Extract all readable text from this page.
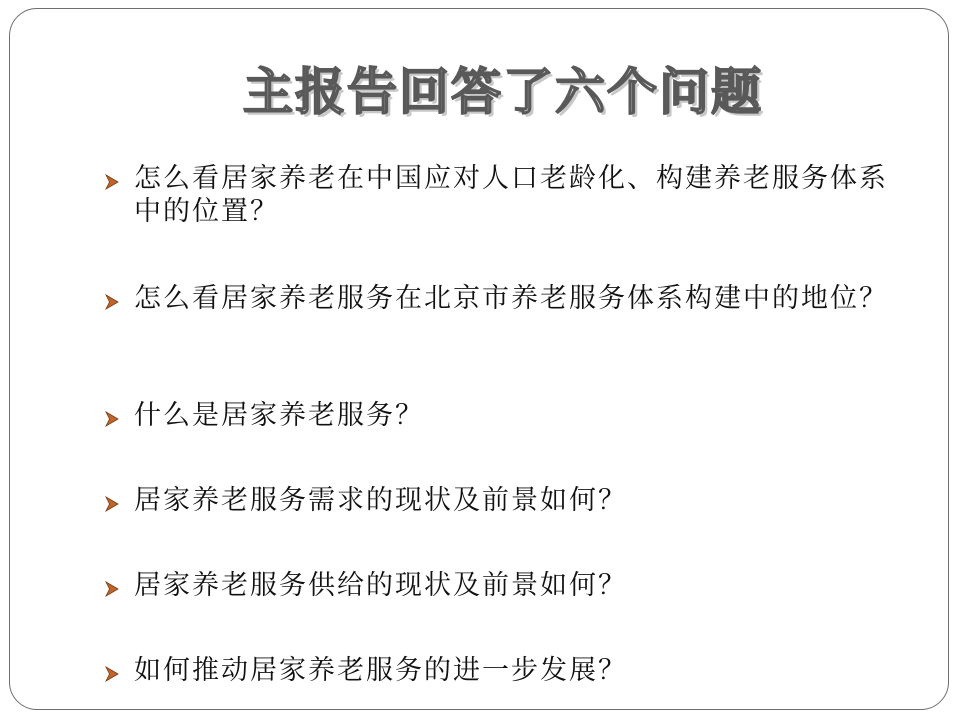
主报告回答了六个问题
怎么看居家养老在中国应对人口老龄化、构建养老服务体系中的位置？
怎么看居家养老服务在北京市养老服务体系构建中的地位？
什么是居家养老服务？
居家养老服务需求的现状及前景如何？
居家养老服务供给的现状及前景如何？
如何推动居家养老服务的进一步发展？
